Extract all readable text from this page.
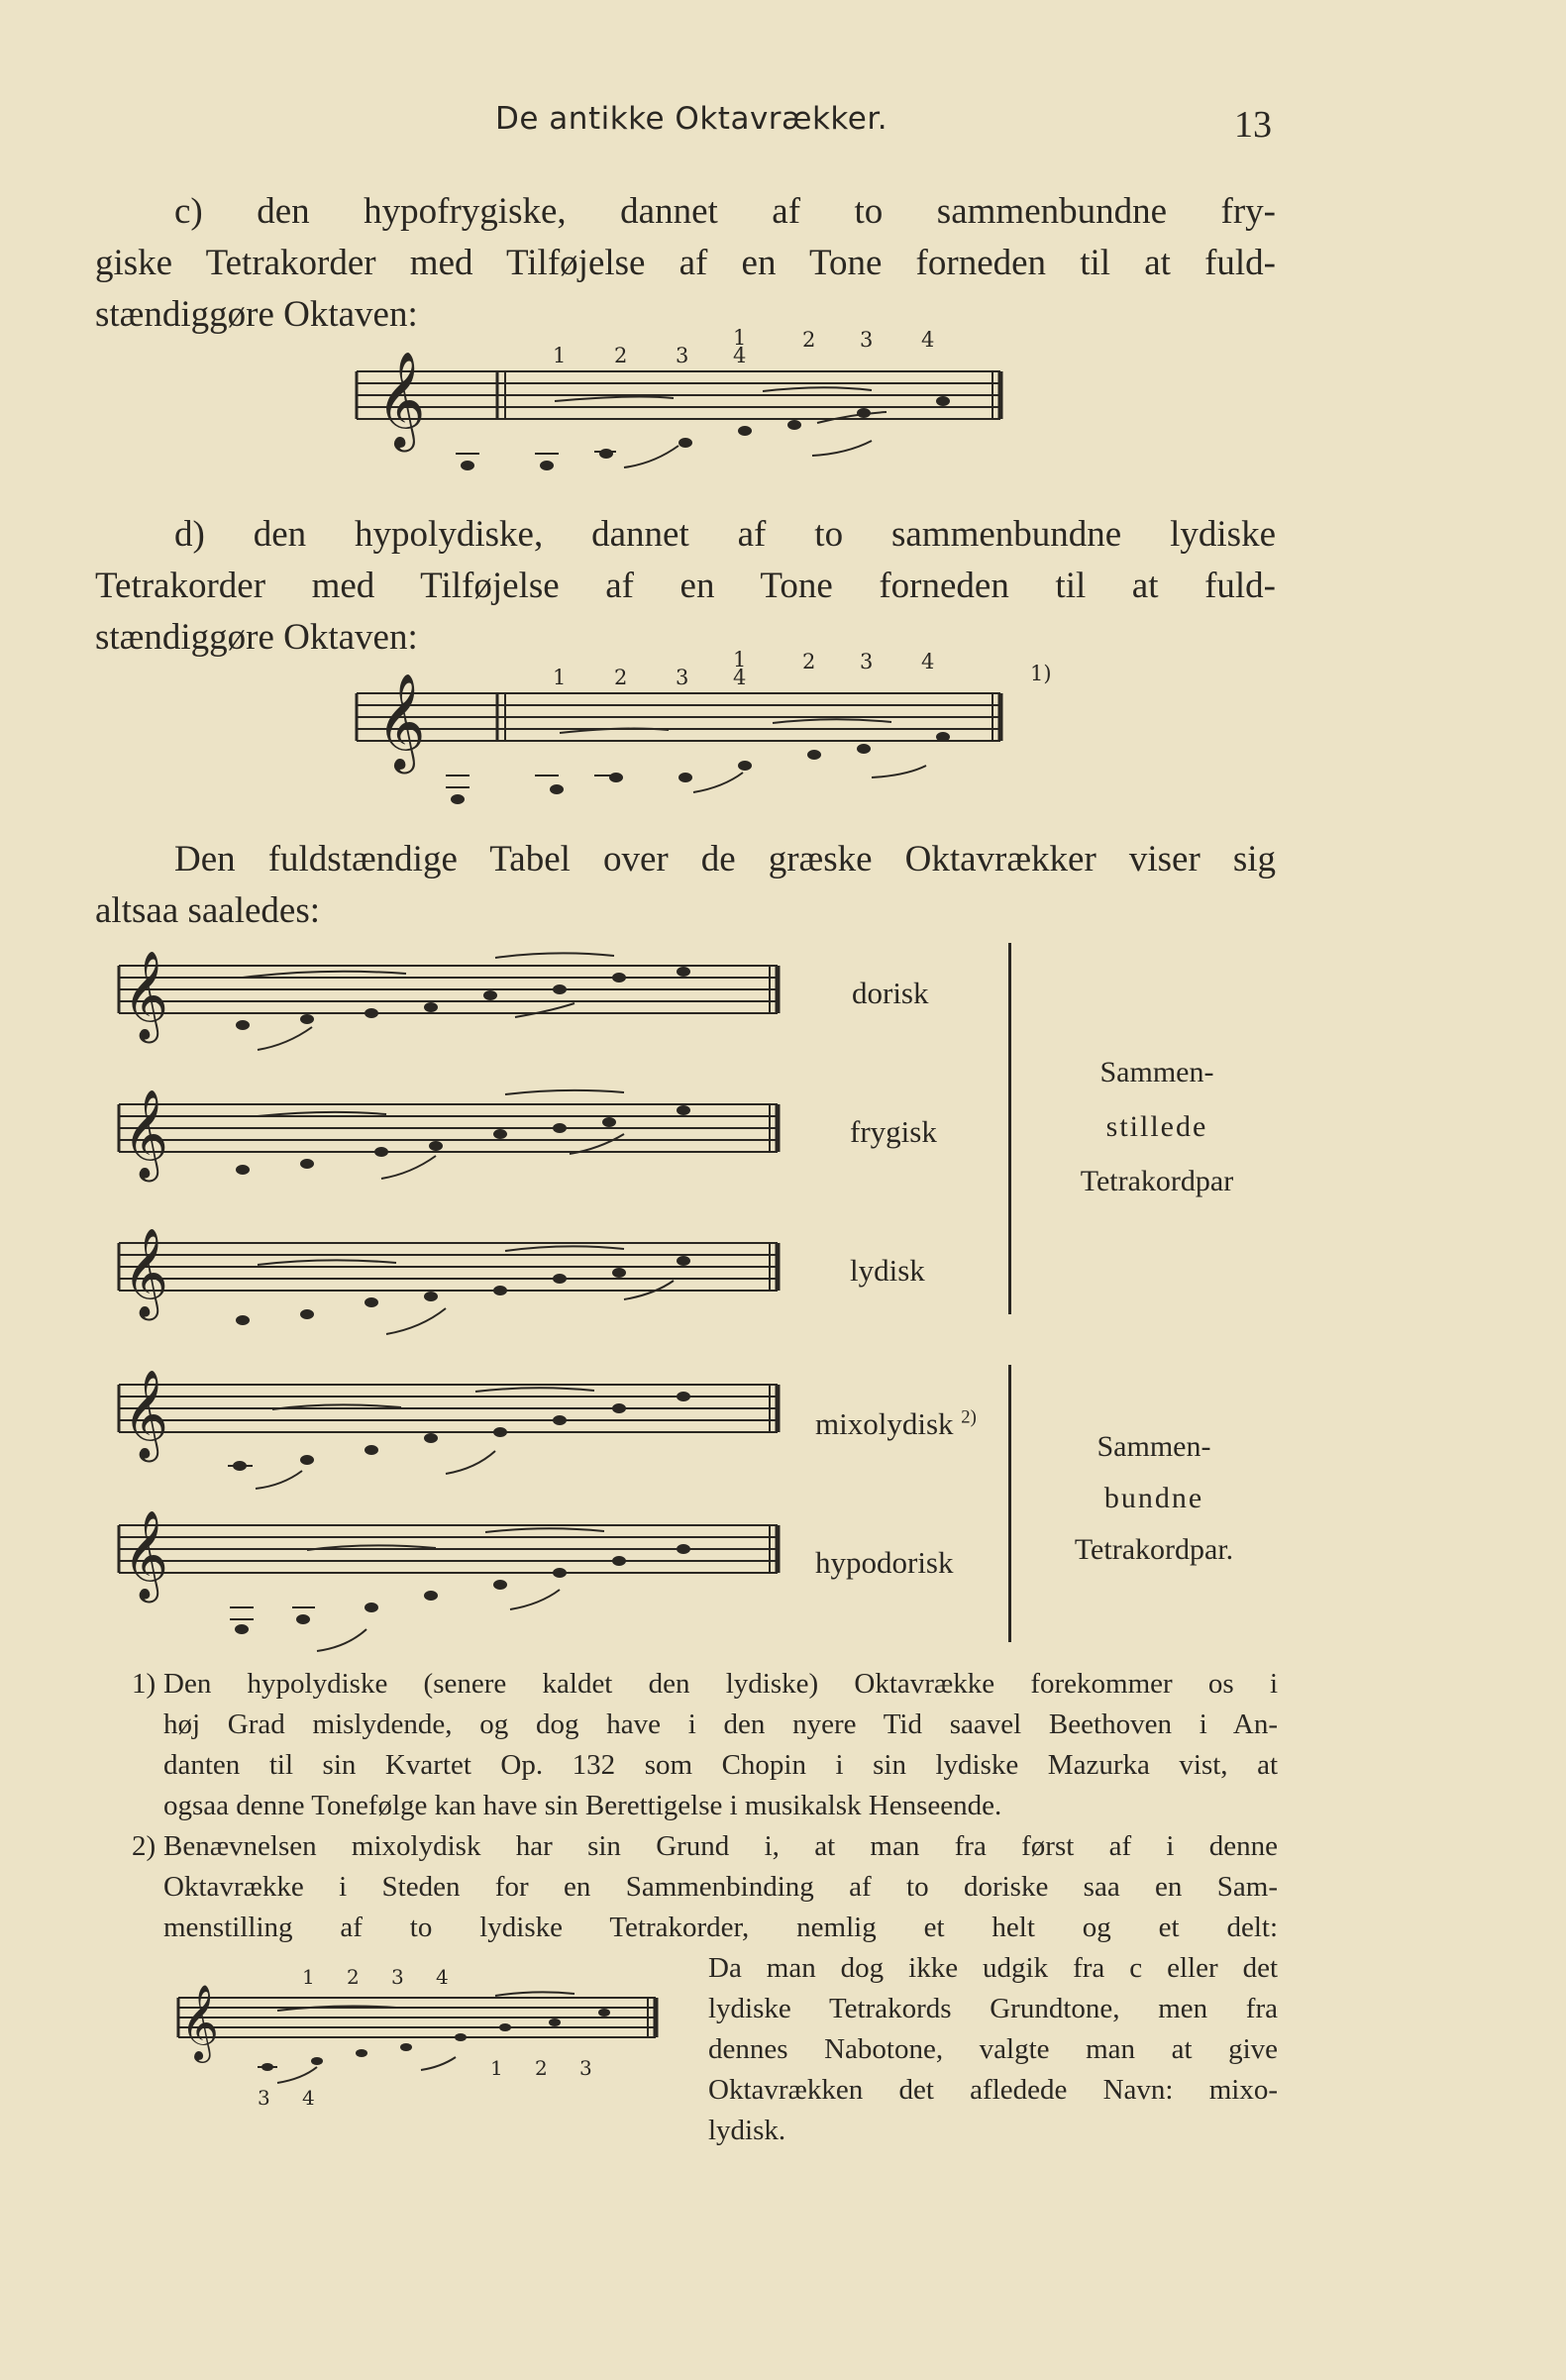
De antikke Oktavrækker.	13

c) den hypofrygiske, dannet af to sammenbundne fry-

giske Tetrakorder med Tilføjelse af en Tone forneden til at fuld-

stændiggøre Oktaven:

𝄞	1 2 3
1
4
2 3 4

d) den hypolydiske, dannet af to sammenbundne lydiske

Tetrakorder med Tilføjelse af en Tone forneden til at fuld-

stændiggøre Oktaven:

𝄞	1 2 3
1
4
2 3 4	1)

Den fuldstændige Tabel over de græske Oktavrækker viser sig

altsaa saaledes:

𝄞
𝄞
𝄞
𝄞
𝄞
dorisk
frygisk
lydisk
mixolydisk $^{2)}$
hypodorisk
Sammen-
stillede
Tetrakordpar
Sammen-
bundne
Tetrakordpar.
1) Den hypolydiske (senere kaldet den lydiske) Oktavrække forekommer os i

høj Grad mislydende, og dog have i den nyere Tid saavel Beethoven i An-

danten til sin Kvartet Op. 132 som Chopin i sin lydiske Mazurka vist, at

ogsaa denne Tonefølge kan have sin Berettigelse i musikalsk Henseende.

2) Benævnelsen mixolydisk har sin Grund i, at man fra først af i denne

Oktavrække i Steden for en Sammenbinding af to doriske saa en Sam-

menstilling af to lydiske Tetrakorder, nemlig et helt og et delt:

Da man dog ikke udgik fra c eller det

lydiske Tetrakords Grundtone, men fra

dennes Nabotone, valgte man at give

Oktavrækken det afledede Navn: mixo-

lydisk.

𝄞
1 2 3 4
1 2 3
3 4
